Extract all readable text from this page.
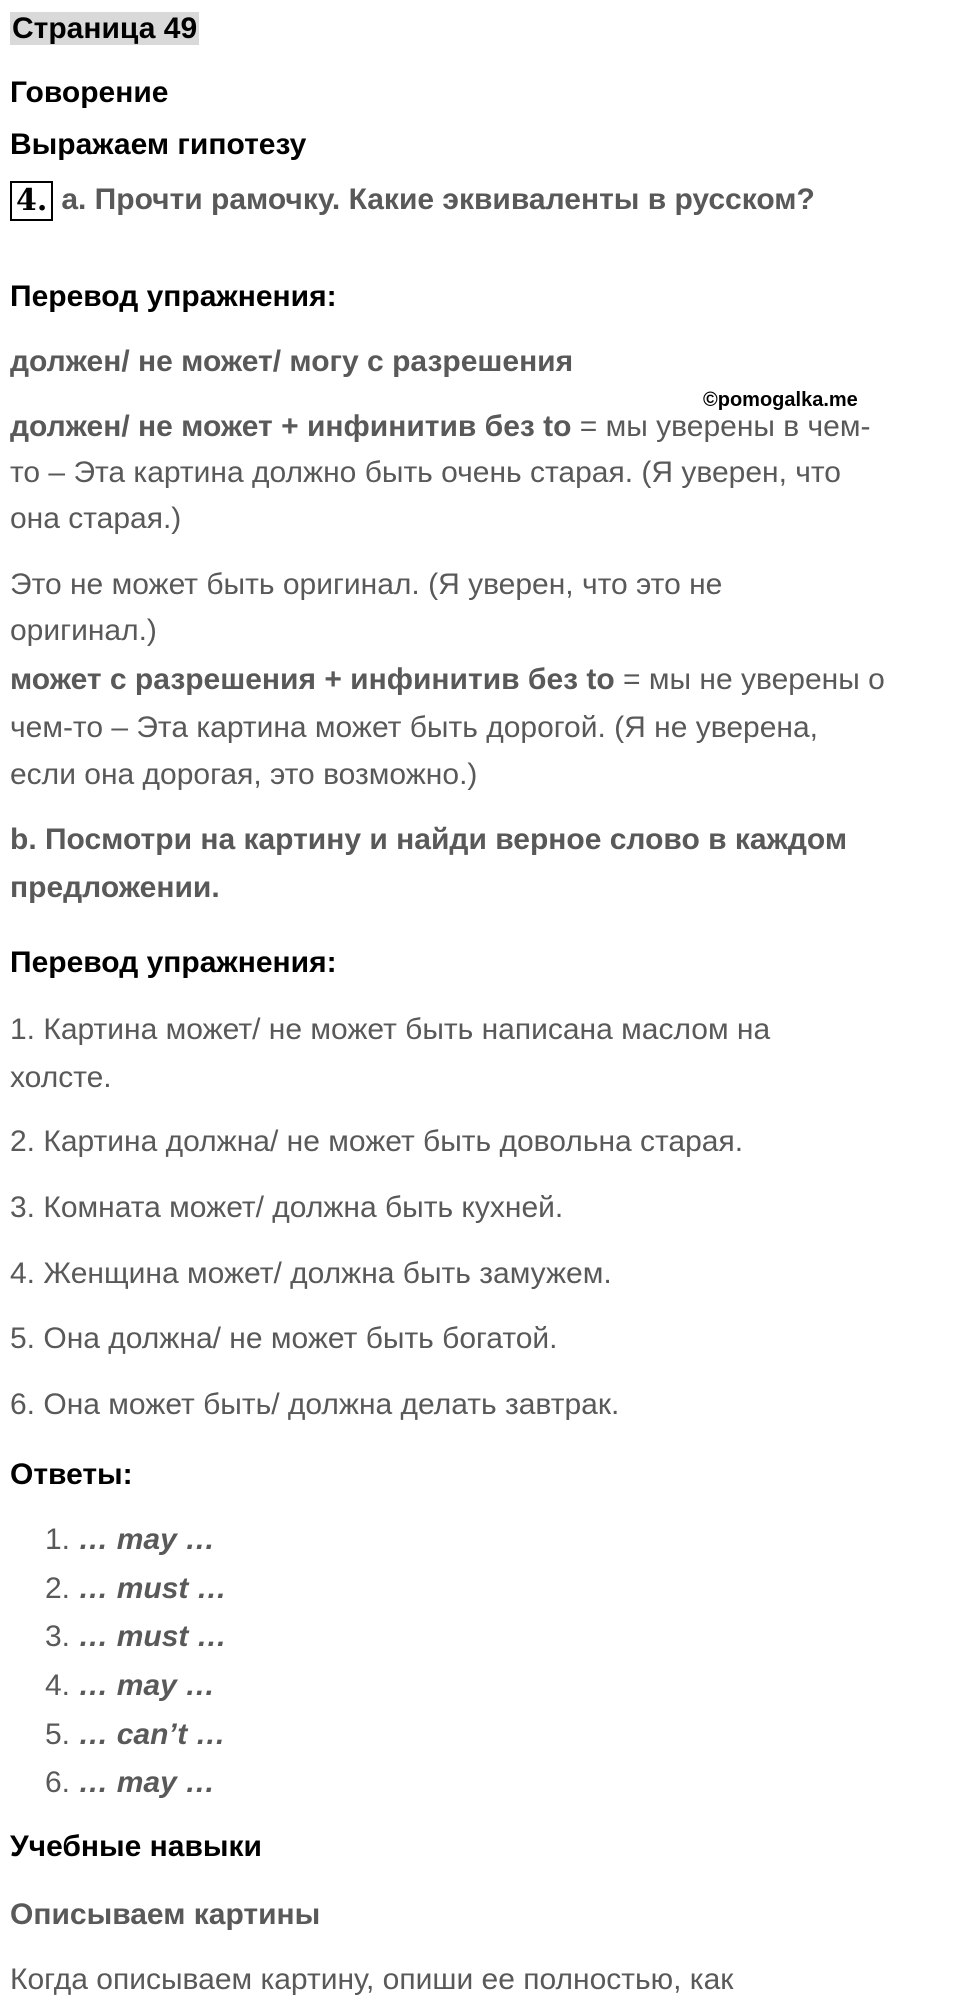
Страница 49
Говорение
Выражаем гипотезу
4. a. Прочти рамочку. Какие эквиваленты в русском?
Перевод упражнения:
должен/ не может/ могу с разрешения
©pomogalka.me
должен/ не может + инфинитив без to = мы уверены в чем-
то – Эта картина должно быть очень старая. (Я уверен, что
она старая.)
Это не может быть оригинал. (Я уверен, что это не
оригинал.)
может с разрешения + инфинитив без to = мы не уверены о
чем-то – Эта картина может быть дорогой. (Я не уверена,
если она дорогая, это возможно.)
b. Посмотри на картину и найди верное слово в каждом
предложении.
Перевод упражнения:
1. Картина может/ не может быть написана маслом на
холсте.
2. Картина должна/ не может быть довольна старая.
3. Комната может/ должна быть кухней.
4. Женщина может/ должна быть замужем.
5. Она должна/ не может быть богатой.
6. Она может быть/ должна делать завтрак.
Ответы:
1. … may …
2. … must …
3. … must …
4. … may …
5. … can’t …
6. … may …
Учебные навыки
Описываем картины
Когда описываем картину, опиши ее полностью, как
